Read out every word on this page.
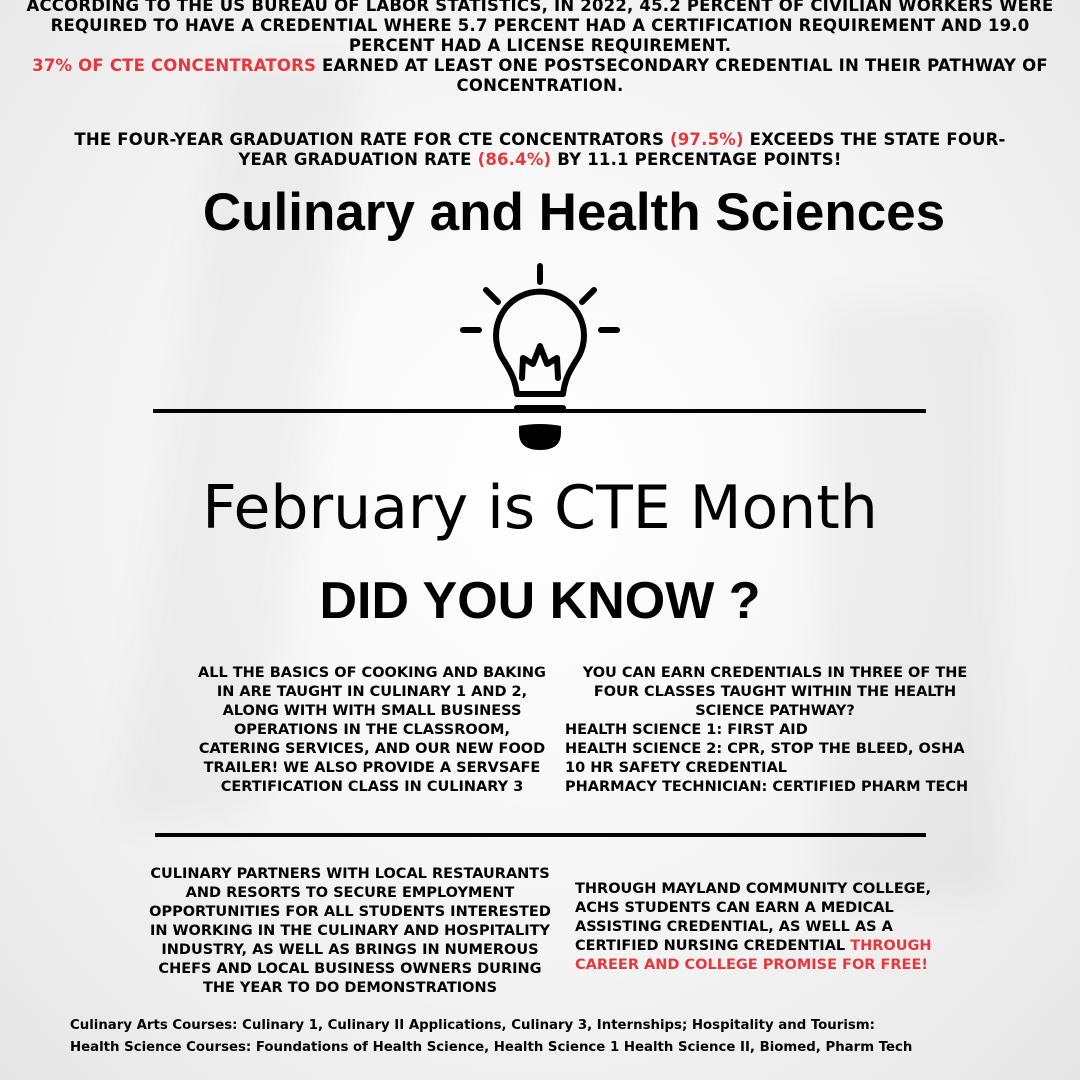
ACCORDING TO THE US BUREAU OF LABOR STATISTICS, IN 2022, 45.2 PERCENT OF CIVILIAN WORKERS WERE REQUIRED TO HAVE A CREDENTIAL WHERE 5.7 PERCENT HAD A CERTIFICATION REQUIREMENT AND 19.0 PERCENT HAD A LICENSE REQUIREMENT.
37% OF CTE CONCENTRATORS EARNED AT LEAST ONE POSTSECONDARY CREDENTIAL IN THEIR PATHWAY OF CONCENTRATION.
THE FOUR-YEAR GRADUATION RATE FOR CTE CONCENTRATORS (97.5%) EXCEEDS THE STATE FOUR-YEAR GRADUATION RATE (86.4%) BY 11.1 PERCENTAGE POINTS!
Culinary and Health Sciences
February is CTE Month
DID YOU KNOW ?
ALL THE BASICS OF COOKING AND BAKING IN ARE TAUGHT IN CULINARY 1 AND 2, ALONG WITH WITH SMALL BUSINESS OPERATIONS IN THE CLASSROOM, CATERING SERVICES, AND OUR NEW FOOD TRAILER! WE ALSO PROVIDE A SERVSAFE CERTIFICATION CLASS IN CULINARY 3
YOU CAN EARN CREDENTIALS IN THREE OF THE FOUR CLASSES TAUGHT WITHIN THE HEALTH SCIENCE PATHWAY?
HEALTH SCIENCE 1: FIRST AID
HEALTH SCIENCE 2: CPR, STOP THE BLEED, OSHA 10 HR SAFETY CREDENTIAL
PHARMACY TECHNICIAN: CERTIFIED PHARM TECH
CULINARY PARTNERS WITH LOCAL RESTAURANTS AND RESORTS TO SECURE EMPLOYMENT OPPORTUNITIES FOR ALL STUDENTS INTERESTED IN WORKING IN THE CULINARY AND HOSPITALITY INDUSTRY, AS WELL AS BRINGS IN NUMEROUS CHEFS AND LOCAL BUSINESS OWNERS DURING THE YEAR TO DO DEMONSTRATIONS
THROUGH MAYLAND COMMUNITY COLLEGE, ACHS STUDENTS CAN EARN A MEDICAL ASSISTING CREDENTIAL, AS WELL AS A CERTIFIED NURSING CREDENTIAL THROUGH CAREER AND COLLEGE PROMISE FOR FREE!
Culinary Arts Courses: Culinary 1, Culinary II Applications, Culinary 3, Internships; Hospitality and Tourism:
Health Science Courses: Foundations of Health Science, Health Science 1 Health Science II, Biomed, Pharm Tech
